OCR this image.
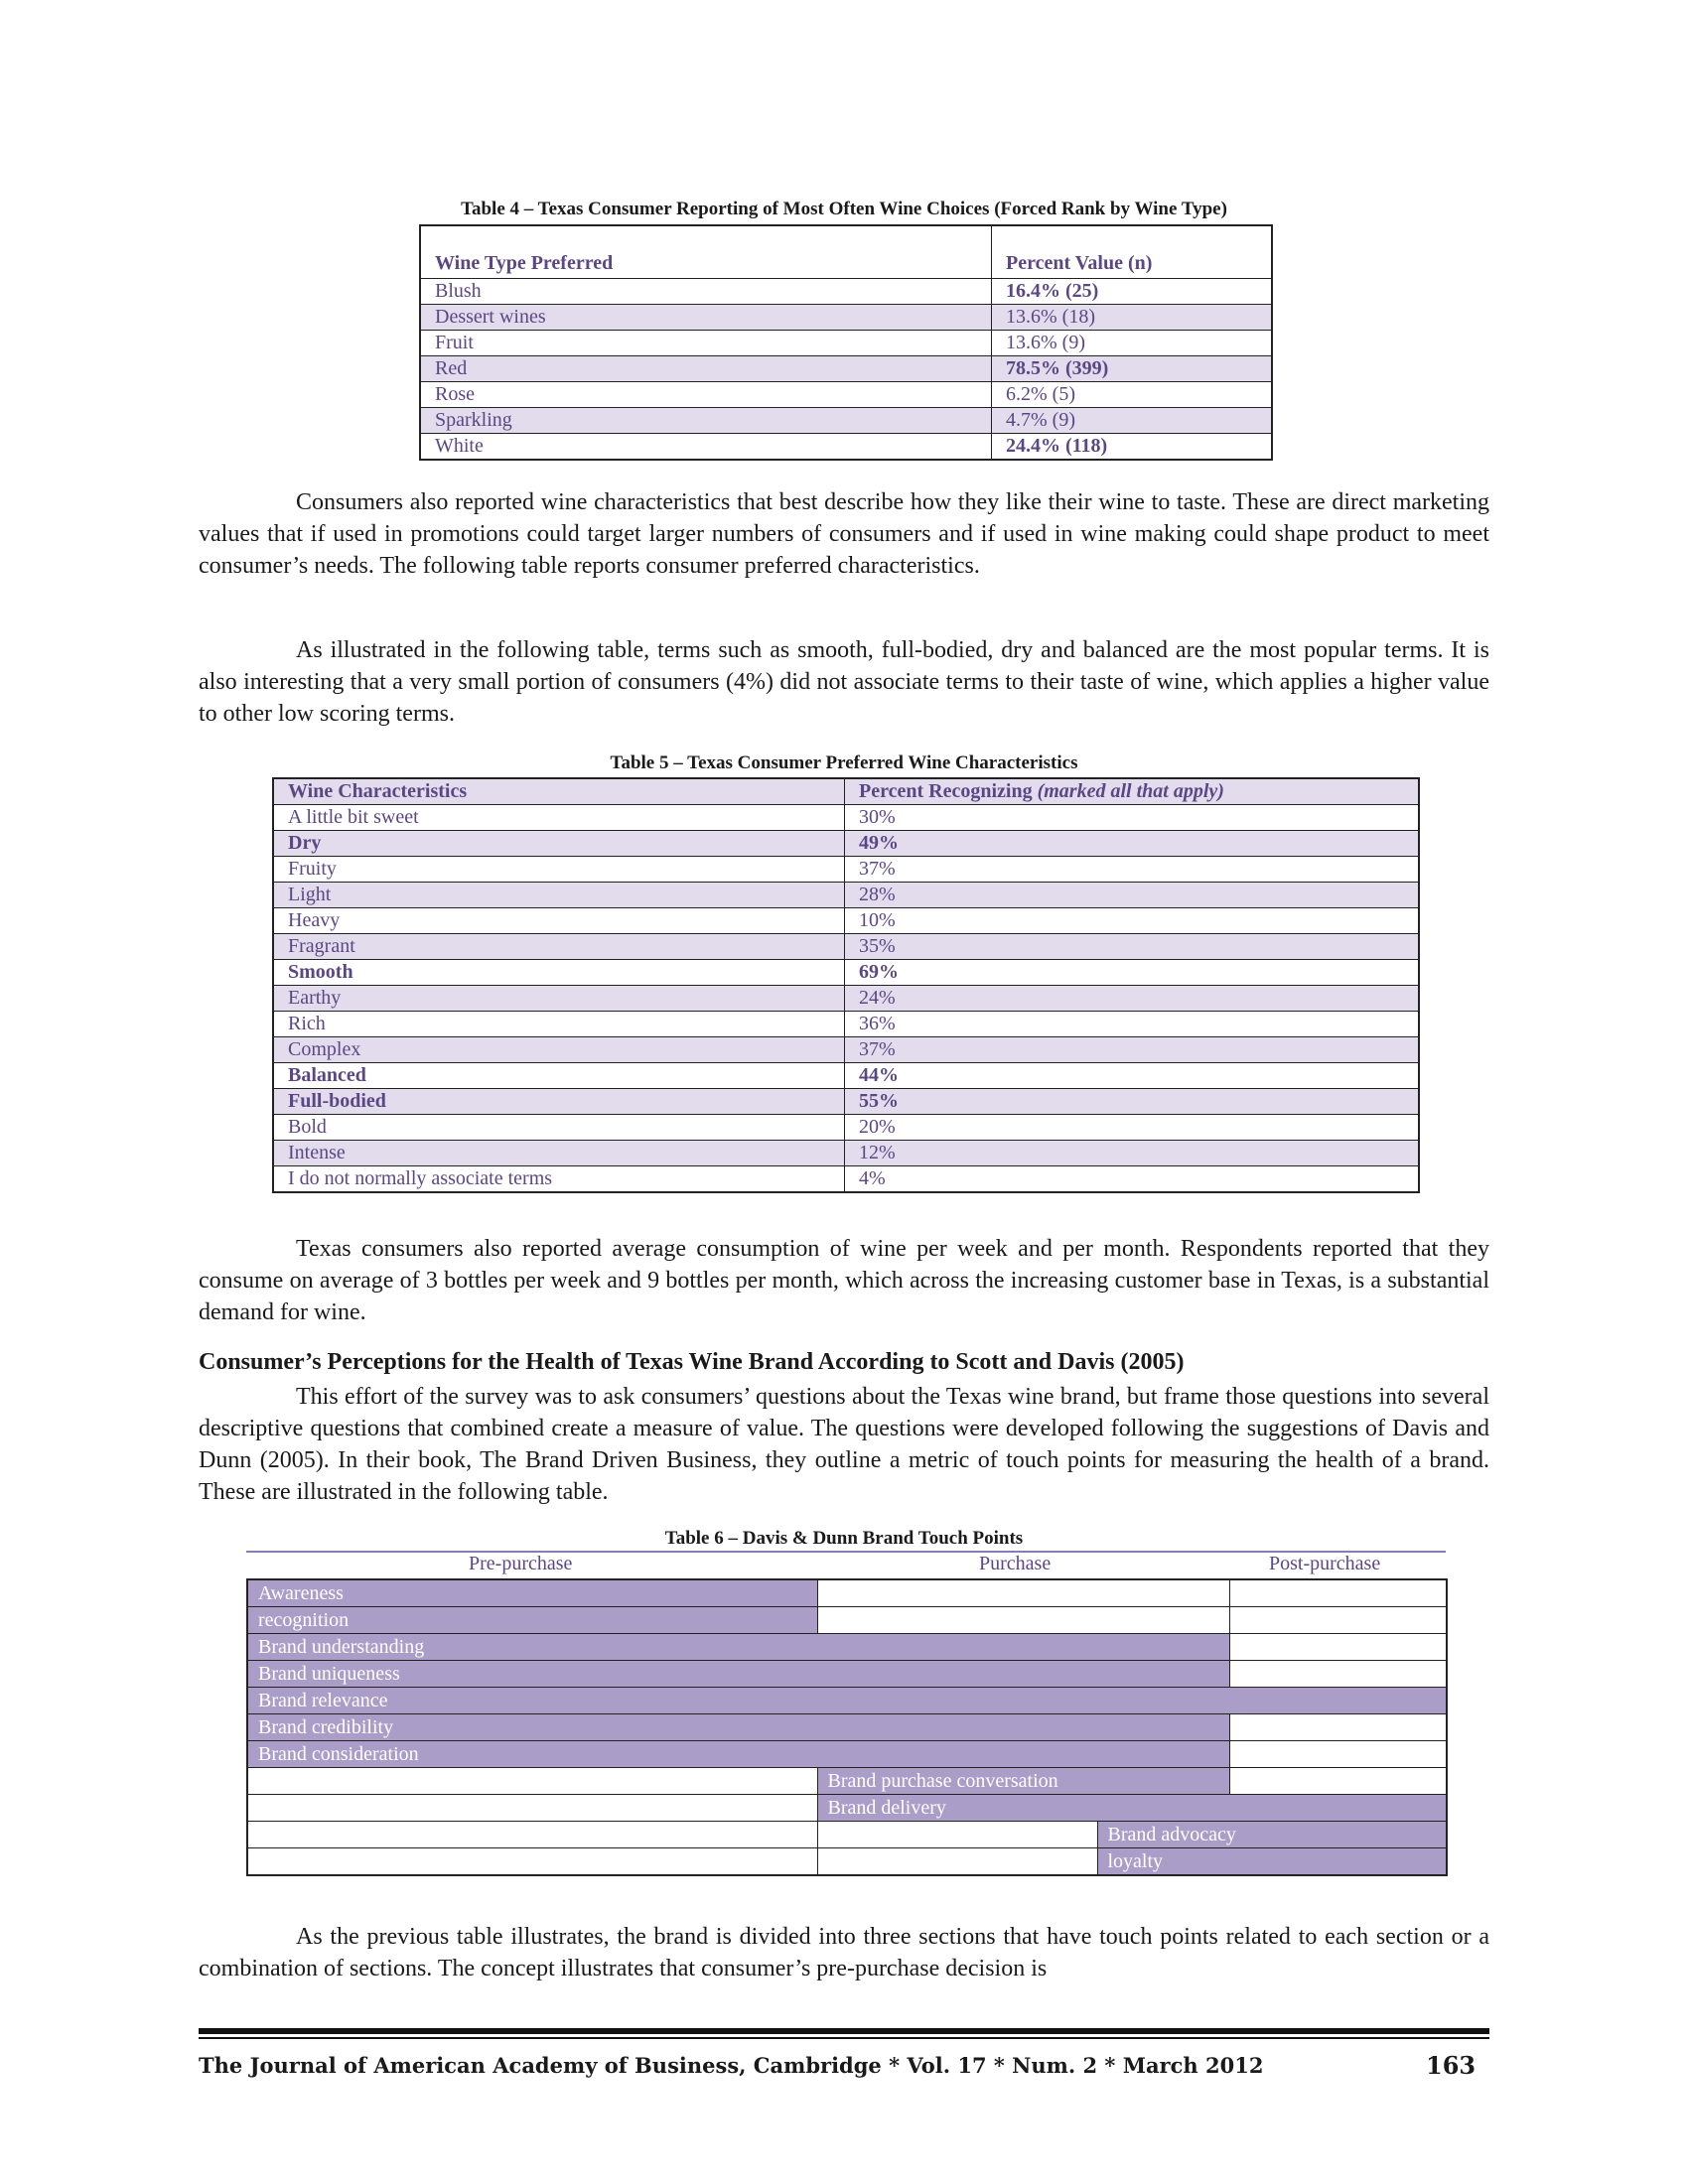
Table 4 – Texas Consumer Reporting of Most Often Wine Choices (Forced Rank by Wine Type)
Wine Type Preferred	Percent Value (n)
Blush	16.4% (25)
Dessert wines	13.6% (18)
Fruit	13.6% (9)
Red	78.5% (399)
Rose	6.2% (5)
Sparkling	4.7% (9)
White	24.4% (118)

Consumers also reported wine characteristics that best describe how they like their wine to taste. These are direct marketing values that if used in promotions could target larger numbers of consumers and if used in wine making could shape product to meet consumer’s needs. The following table reports consumer preferred characteristics.

As illustrated in the following table, terms such as smooth, full-bodied, dry and balanced are the most popular terms. It is also interesting that a very small portion of consumers (4%) did not associate terms to their taste of wine, which applies a higher value to other low scoring terms.

Table 5 – Texas Consumer Preferred Wine Characteristics
Wine Characteristics	Percent Recognizing (marked all that apply)
A little bit sweet	30%
Dry	49%
Fruity	37%
Light	28%
Heavy	10%
Fragrant	35%
Smooth	69%
Earthy	24%
Rich	36%
Complex	37%
Balanced	44%
Full-bodied	55%
Bold	20%
Intense	12%
I do not normally associate terms	4%

Texas consumers also reported average consumption of wine per week and per month. Respondents reported that they consume on average of 3 bottles per week and 9 bottles per month, which across the increasing customer base in Texas, is a substantial demand for wine.

Consumer’s Perceptions for the Health of Texas Wine Brand According to Scott and Davis (2005)

This effort of the survey was to ask consumers’ questions about the Texas wine brand, but frame those questions into several descriptive questions that combined create a measure of value. The questions were developed following the suggestions of Davis and Dunn (2005). In their book, The Brand Driven Business, they outline a metric of touch points for measuring the health of a brand. These are illustrated in the following table.

Table 6 – Davis & Dunn Brand Touch Points
Pre-purchase	Purchase	Post-purchase
Awareness			
recognition			
Brand understanding			
Brand uniqueness			
Brand relevance			
Brand credibility			
Brand consideration			
	Brand purchase conversation		
	Brand delivery		
		Brand advocacy	
		loyalty	

As the previous table illustrates, the brand is divided into three sections that have touch points related to each section or a combination of sections. The concept illustrates that consumer’s pre-purchase decision is

The Journal of American Academy of Business, Cambridge * Vol. 17 * Num. 2 * March 2012	163
